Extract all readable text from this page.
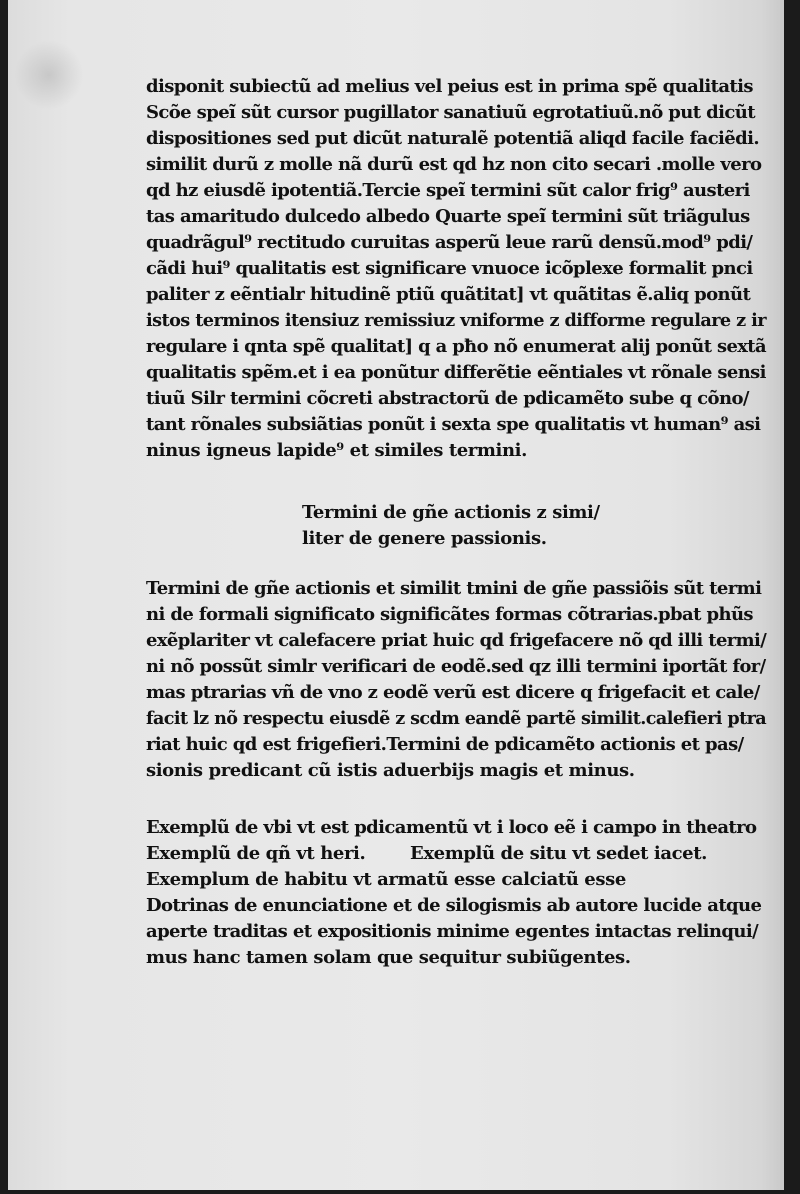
disponit subiectũ ad melius vel peius est in prima spẽ qualitatis

Scõe speĩ sũt cursor pugillator sanatiuũ egrotatiuũ.nõ put dicũt

dispositiones sed put dicũt naturalẽ potentiã aliqd facile faciẽdi.

similit durũ z molle nã durũ est qd hz non cito secari .molle vero

qd hz eiusdẽ ipotentiã.Tercie speĩ termini sũt calor frig⁹ austeri

tas amaritudo dulcedo albedo Quarte speĩ termini sũt triãgulus

quadrãgul⁹ rectitudo curuitas asperũ leue rarũ densũ.mod⁹ pdi/

cãdi hui⁹ qualitatis est significare vnuoce icõplexe formalit pnci

paliter z eẽntialr hitudinẽ ptiũ quãtitat] vt quãtitas ẽ.aliq ponũt

istos terminos itensiuz remissiuz vniforme z difforme regulare z ir

regulare i qnta spẽ qualitat] q a pħo nõ enumerat alij ponũt sextã

qualitatis spẽm.et i ea ponũtur differẽtie eẽntiales vt rõnale sensi

tiuũ Silr termini cõcreti abstractorũ de pdicamẽto sube q cõno/

tant rõnales subsiãtias ponũt i sexta spe qualitatis vt human⁹ asi

ninus igneus lapide⁹ et similes termini.

Termini de gñe actionis z simi/

liter de genere passionis.

Termini de gñe actionis et similit tmini de gñe passiõis sũt termi

ni de formali significato significãtes formas cõtrarias.pbat phũs

exẽplariter vt calefacere priat huic qd frigefacere nõ qd illi termi/

ni nõ possũt simlr verificari de eodẽ.sed qz illi termini iportãt for/

mas ptrarias vñ de vno z eodẽ verũ est dicere q frigefacit et cale/

facit lz nõ respectu eiusdẽ z scdm eandẽ partẽ similit.calefieri ptra

riat huic qd est frigefieri.Termini de pdicamẽto actionis et pas/

sionis predicant cũ istis aduerbijs magis et minus.

Exemplũ de vbi vt est pdicamentũ vt i loco eẽ i campo in theatro

Exemplũ de qñ vt heri. Exemplũ de situ vt sedet iacet.

Exemplum de habitu vt armatũ esse calciatũ esse

Dotrinas de enunciatione et de silogismis ab autore lucide atque

aperte traditas et expositionis minime egentes intactas relinqui/

mus hanc tamen solam que sequitur subiũgentes.
